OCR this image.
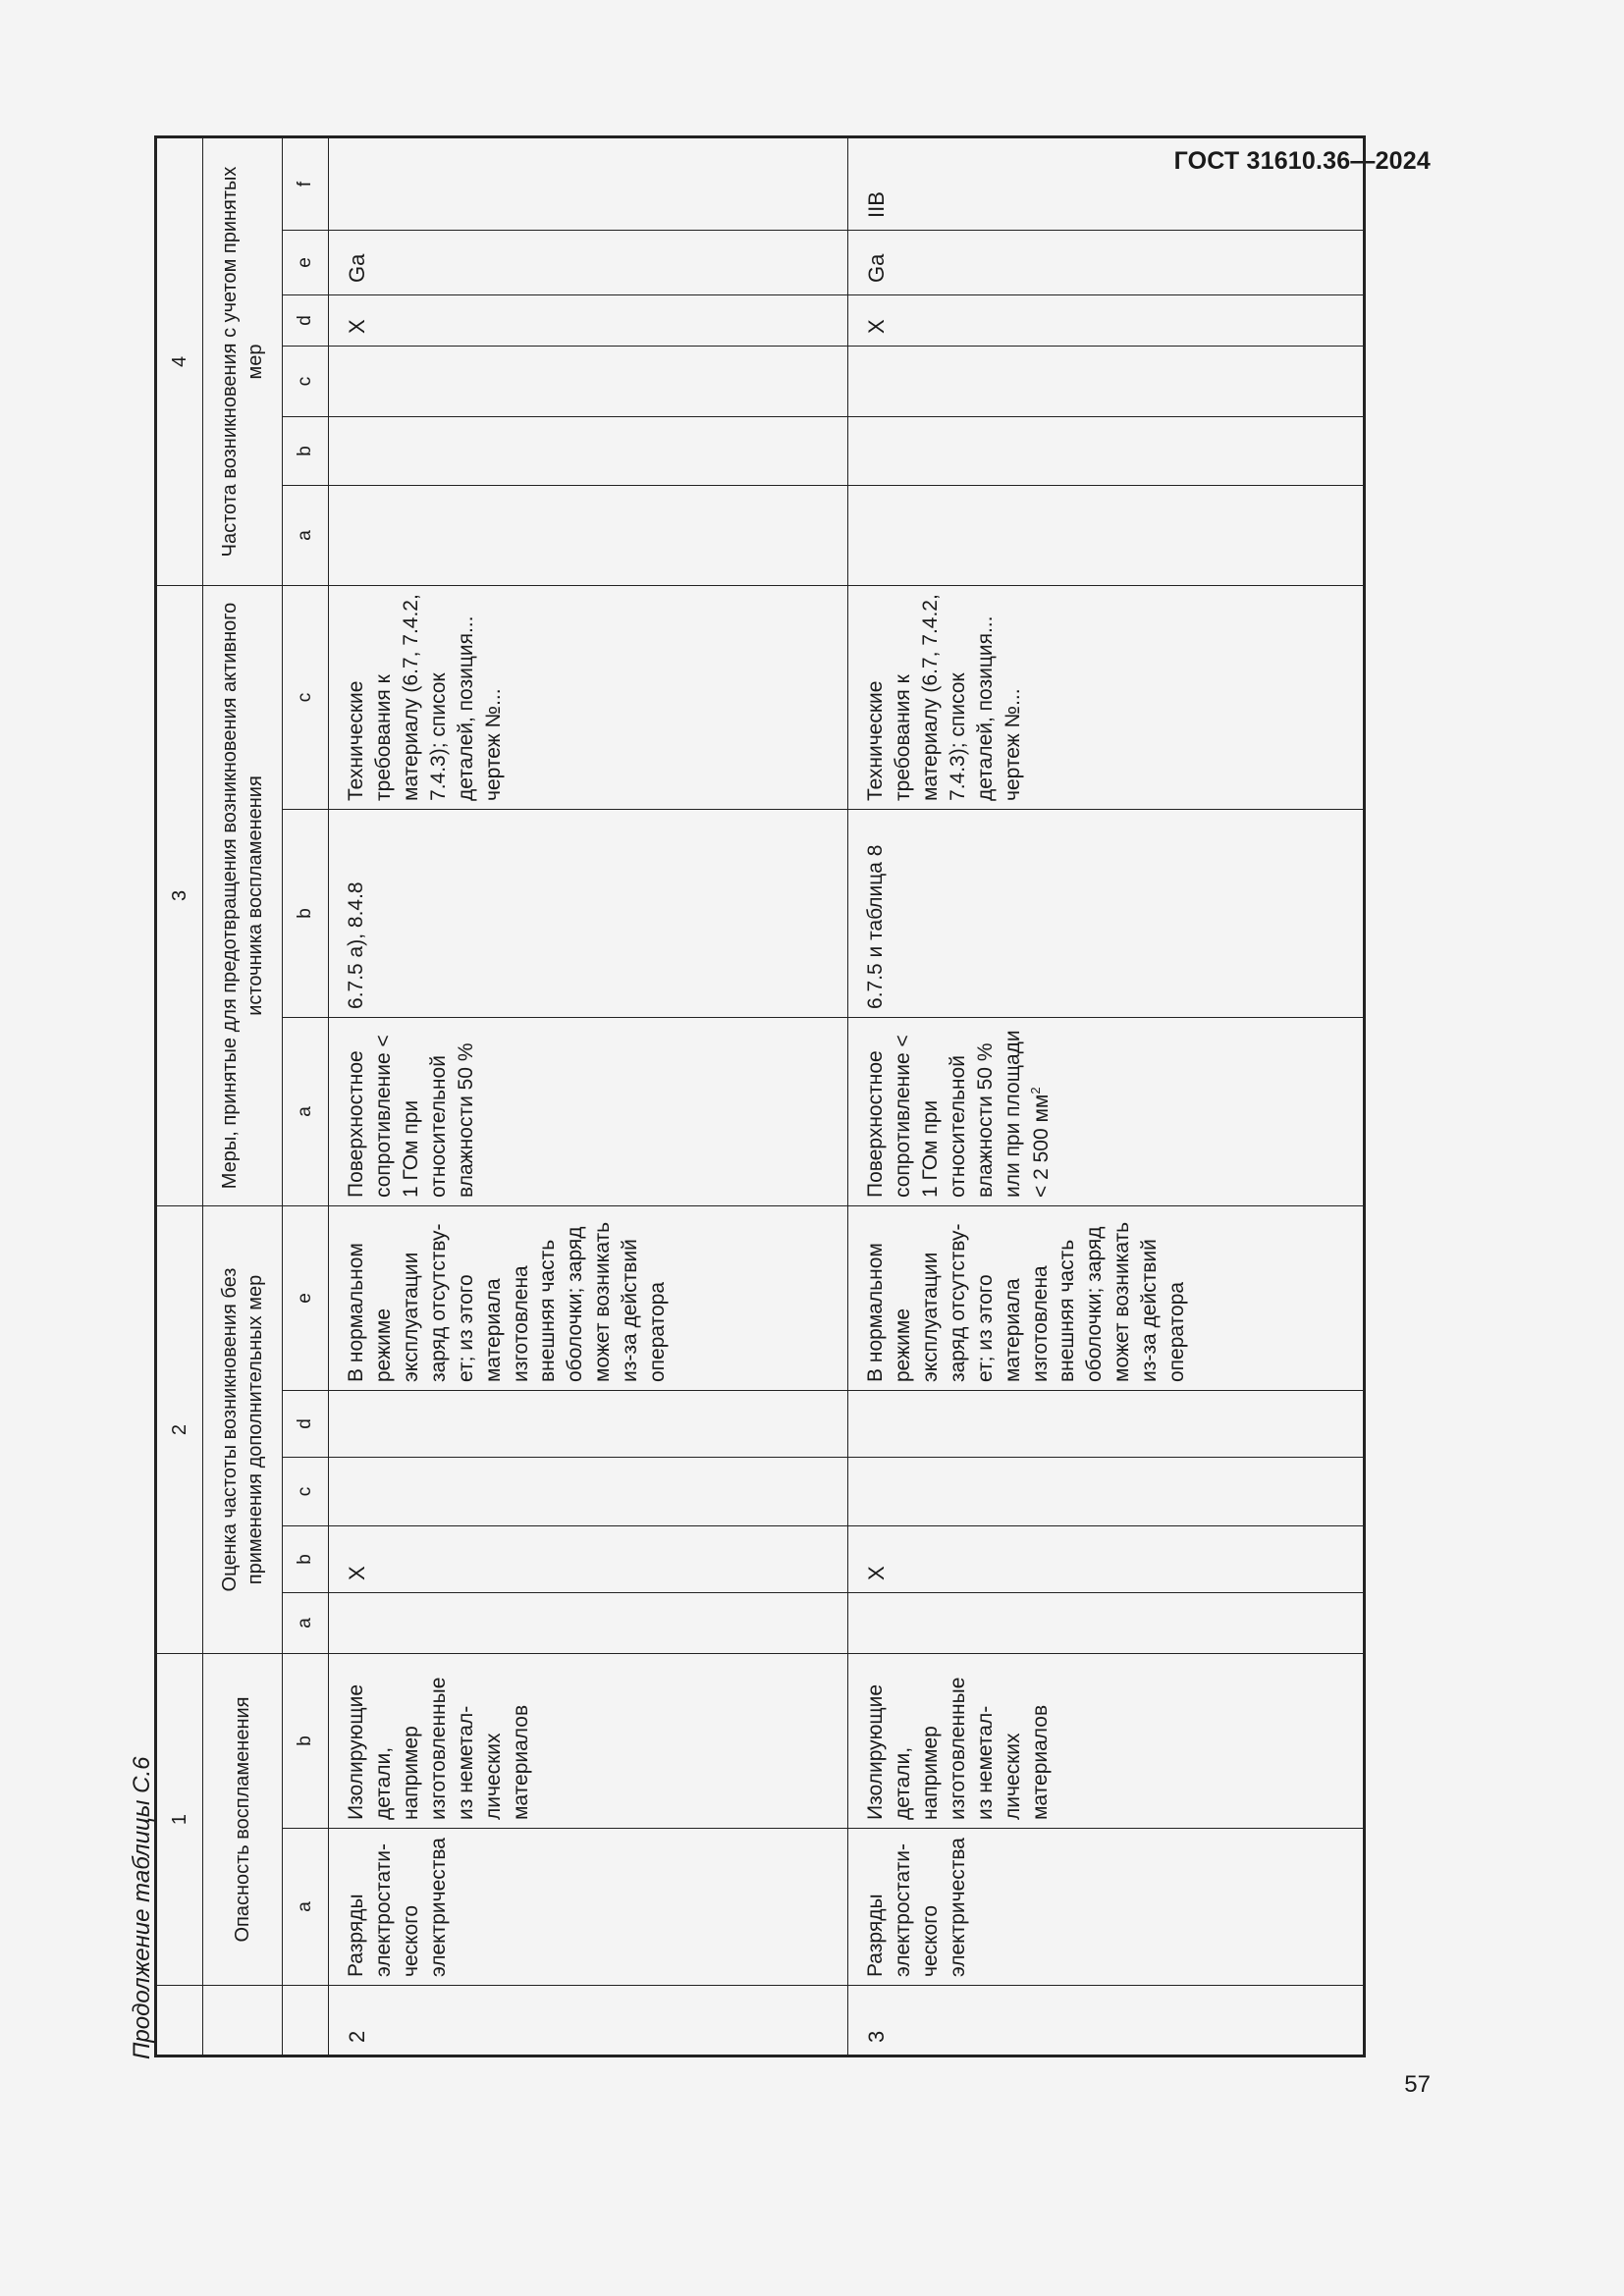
ГОСТ 31610.36—2024
Продолжение таблицы С.6
	1		2					3			4					
	Опасность воспламенения		Оценка частоты возникновения без применения дополнительных мер					Меры, принятые для предотвращения возникновения активного источника воспламенения			Частота возникновения с учетом принятых мер					
	a	b	a	b	c	d	e	a	b	c	a	b	c	d	e	f
2	Разряды электростатического электричества	Изолирующие детали, например изготовленные из неметаллических материалов		X			В нормальном режиме эксплуатации заряд отсутствует; из этого материала изготовлена внешняя часть оболочки; заряд может возникать из-за действий оператора	Поверхностное сопротивление < 1 ГОм при относительной влажности 50 %	6.7.5 а), 8.4.8	Технические требования к материалу (6.7, 7.4.2, 7.4.3); список деталей, позиция... чертеж №...				X	Ga	
3	Разряды электростатического электричества	Изолирующие детали, например изготовленные из неметаллических материалов		X			В нормальном режиме эксплуатации заряд отсутствует; из этого материала изготовлена внешняя часть оболочки; заряд может возникать из-за действий оператора	Поверхностное сопротивление < 1 ГОм при относительной влажности 50 % или при площади < 2 500 $мм^2$	6.7.5 и таблица 8	Технические требования к материалу (6.7, 7.4.2, 7.4.3); список деталей, позиция... чертеж №...				X	Ga	IIB
57
